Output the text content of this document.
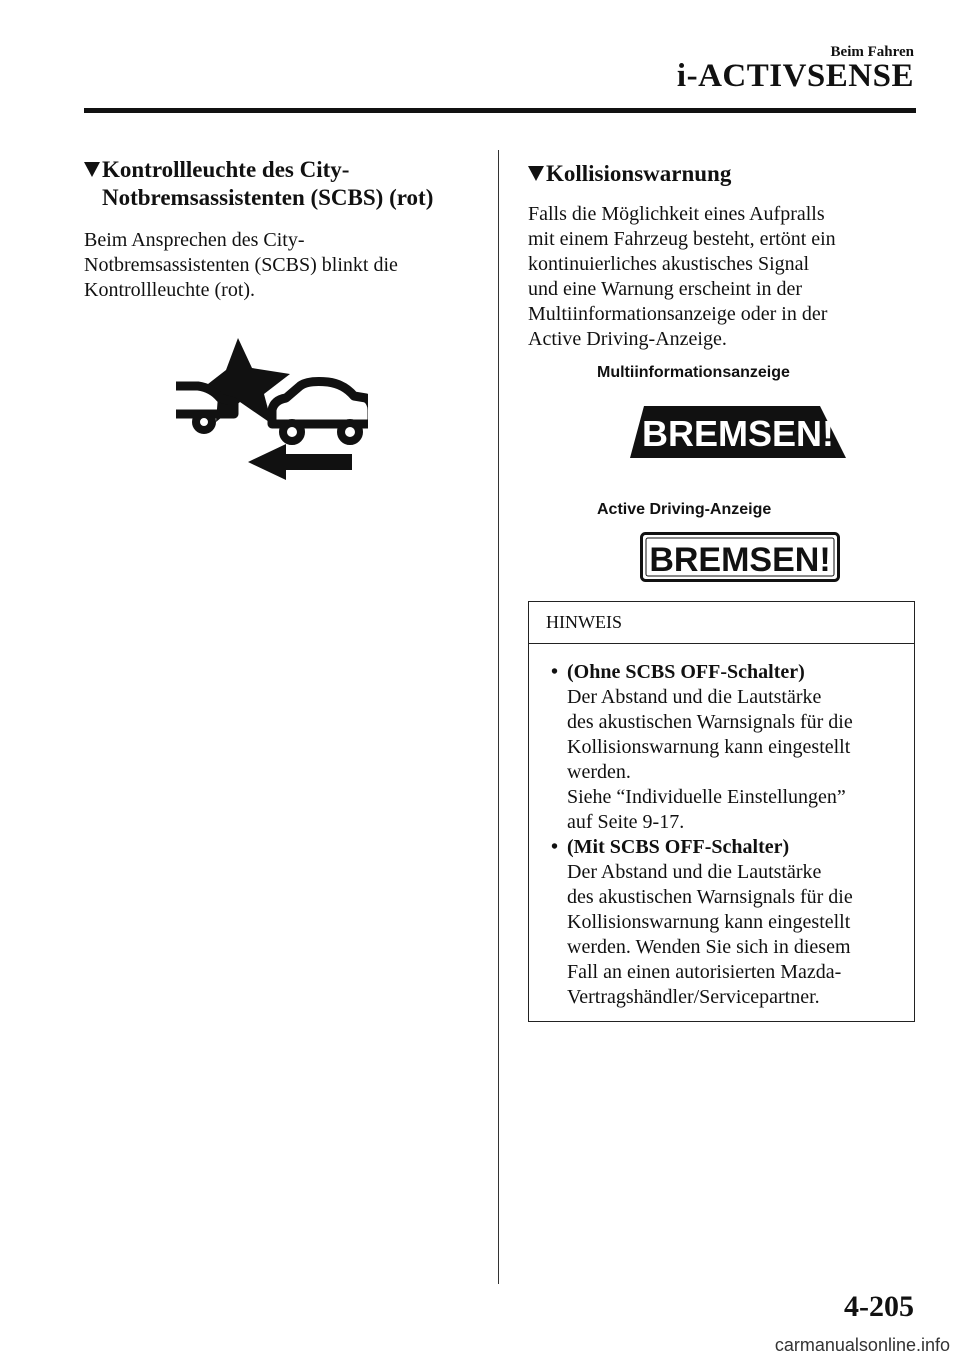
Beim Fahren
i-ACTIVSENSE
Kontrollleuchte des City-
Notbremsassistenten (SCBS) (rot)
Beim Ansprechen des City-
Notbremsassistenten (SCBS) blinkt die
Kontrollleuchte (rot).
Kollisionswarnung
Falls die Möglichkeit eines Aufpralls
mit einem Fahrzeug besteht, ertönt ein
kontinuierliches akustisches Signal
und eine Warnung erscheint in der
Multiinformationsanzeige oder in der
Active Driving-Anzeige.
Multiinformationsanzeige
BREMSEN!
Active Driving-Anzeige
BREMSEN!
HINWEIS
• (Ohne SCBS OFF-Schalter)
Der Abstand und die Lautstärke
des akustischen Warnsignals für die
Kollisionswarnung kann eingestellt
werden.
Siehe “Individuelle Einstellungen”
auf Seite 9-17.
• (Mit SCBS OFF-Schalter)
Der Abstand und die Lautstärke
des akustischen Warnsignals für die
Kollisionswarnung kann eingestellt
werden. Wenden Sie sich in diesem
Fall an einen autorisierten Mazda-
Vertragshändler/Servicepartner.
4-205
carmanualsonline.info
